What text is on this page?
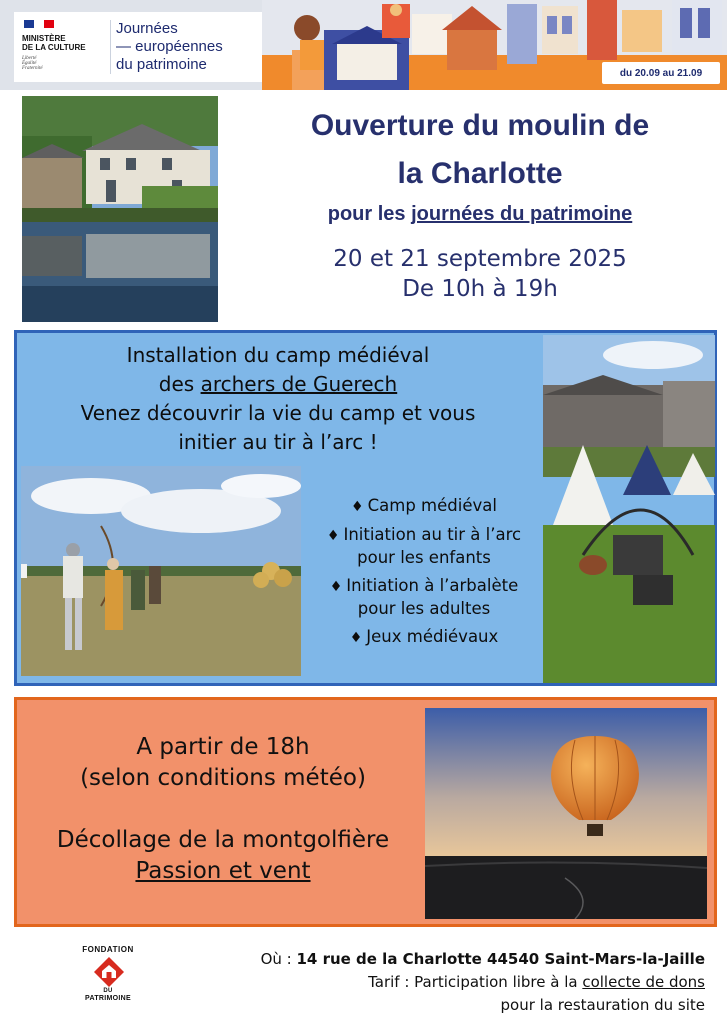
MINISTÈRE
DE LA CULTURE
Liberté
Égalité
Fraternité
Journées
— européennes
du patrimoine	du 20.09 au 21.09
Ouverture du moulin de
la Charlotte
pour les journées du patrimoine
20 et 21 septembre 2025
De 10h à 19h
Installation du camp médiéval
des archers de Guerech
Venez découvrir la vie du camp et vous
initier au tir à l’arc !
♦ Camp médiéval
♦ Initiation au tir à l’arc pour les enfants
♦ Initiation à l’arbalète pour les adultes
♦ Jeux médiévaux
A partir de 18h
(selon conditions météo)
Décollage de la montgolfière
Passion et vent
FONDATION
DU
PATRIMOINE
Où : 14 rue de la Charlotte 44540 Saint-Mars-la-Jaille
Tarif : Participation libre à la collecte de dons
pour la restauration du site
